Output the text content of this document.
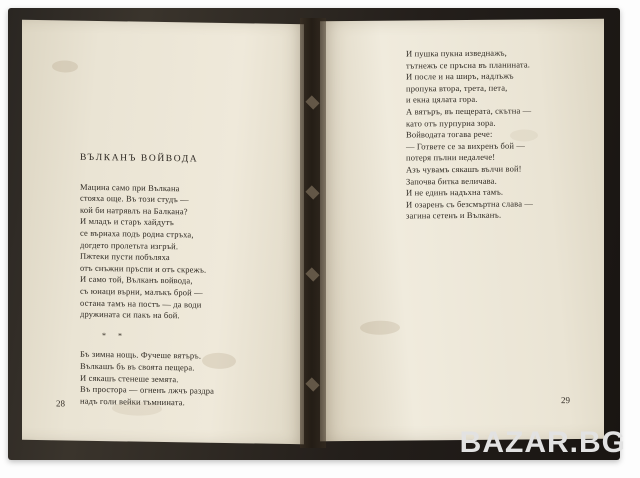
ВЪЛКАНЪ ВОЙВОДА
Мацина само при Вълкана
стояха още. Въ този студъ —
кой би натрявлъ на Балкана?
И младъ и старъ хайдутъ
се върнаха подъ родна стръха,
догдето пролетьта изгръй.
Пжтеки пусти побъляха
отъ снъжни пръспи и отъ скрежъ.
И само той, Вълканъ войвода,
съ юнаци върни, малъкъ брой —
остана тамъ на постъ — да води
дружината си пакъ на бой.
* *
Бъ зимна нощь. Фучеше вятъръ.
Вълкашъ бъ въ своята пещера.
И сякашъ стенеше земята.
Въ простора — огненъ лжчъ раздра
надъ голи вейки тъмнината.
28
И пушка пукна изведнажъ,
тътнежъ се пръсна въ планината.
И после и на ширъ, надлъжъ
пропука втора, трета, пета,
и екна цялата гора.
А вятъръ, въ пещерата, скътна —
като отъ пурпурна зора.
Войводата тогава рече:
— Гответе се за вихренъ бой —
потеря пълни недалече!
Азъ чувамъ сякашъ вълчи вой!
Започва битка величава.
И не единъ надъхна тамъ.
И озаренъ съ безсмъртна слава —
загина сетенъ и Вълканъ.
29
BAZAR.BG
